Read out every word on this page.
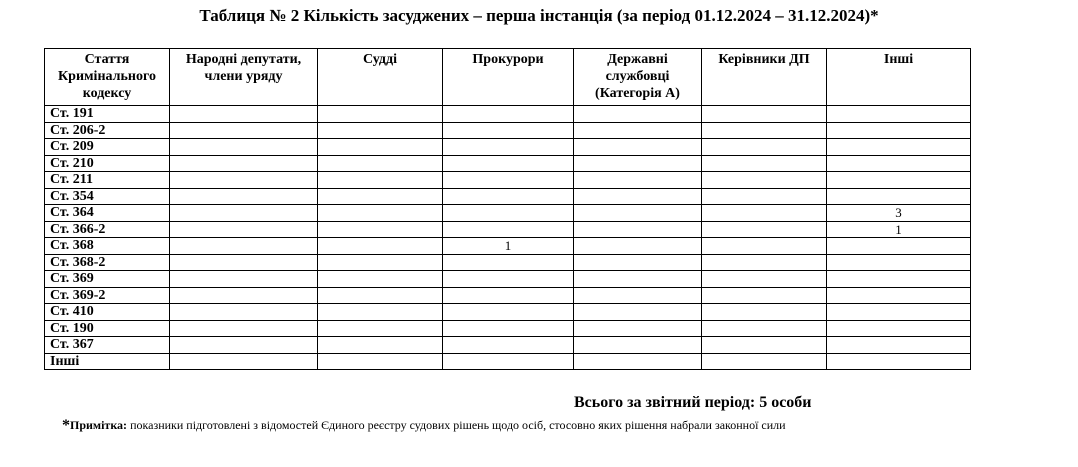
Таблиця № 2 Кількість засуджених – перша інстанція (за період 01.12.2024 – 31.12.2024)*
Стаття Кримінального кодексу	Народні депутати, члени уряду	Судді	Прокурори	Державні службовці (Категорія А)	Керівники ДП	Інші
Ст. 191						
Ст. 206-2						
Ст. 209						
Ст. 210						
Ст. 211						
Ст. 354						
Ст. 364						3
Ст. 366-2						1
Ст. 368			1			
Ст. 368-2						
Ст. 369						
Ст. 369-2						
Ст. 410						
Ст. 190						
Ст. 367						
Інші						
Всього за звітний період: 5 особи
*Примітка: показники підготовлені з відомостей Єдиного реєстру судових рішень щодо осіб, стосовно яких рішення набрали законної сили
